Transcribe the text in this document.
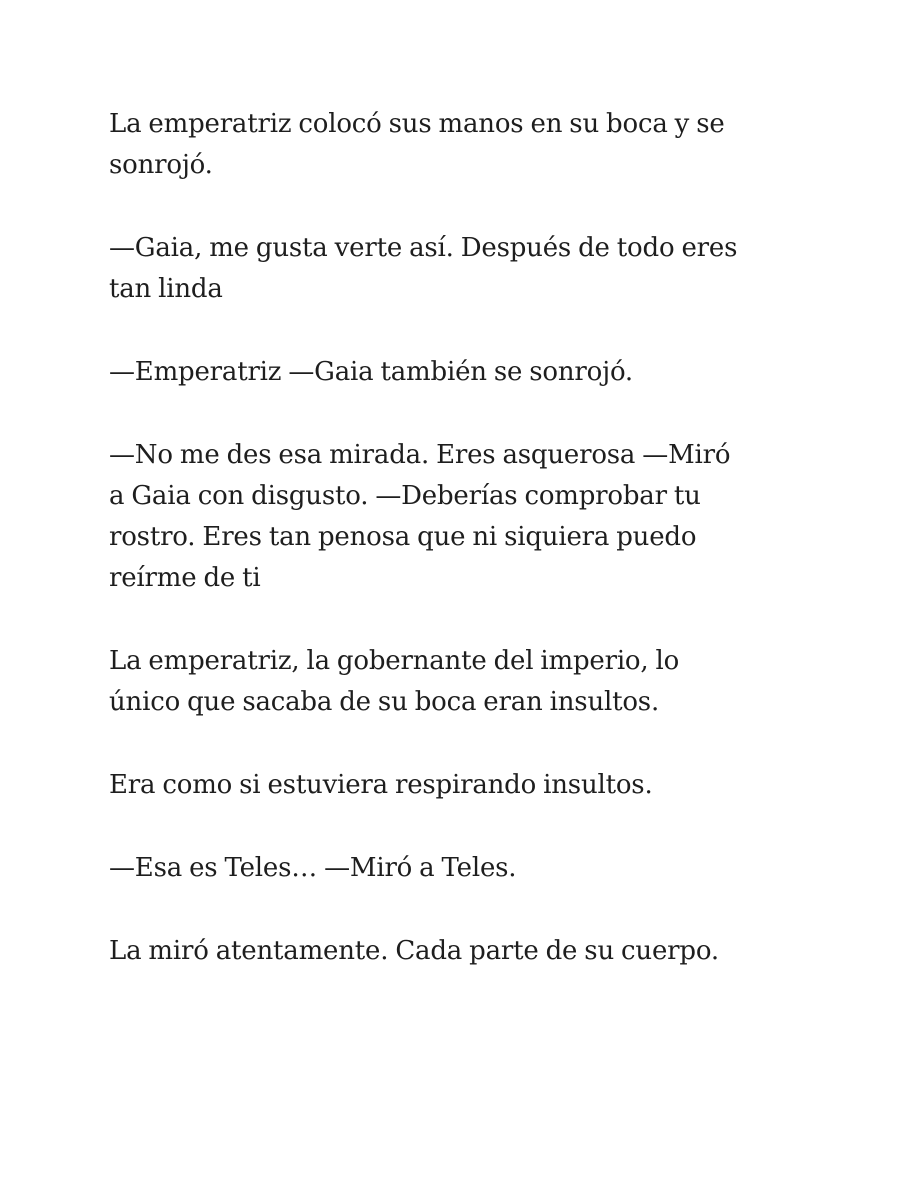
La emperatriz colocó sus manos en su boca y se
sonrojó.

—Gaia, me gusta verte así. Después de todo eres
tan linda

—Emperatriz —Gaia también se sonrojó.

—No me des esa mirada. Eres asquerosa —Miró
a Gaia con disgusto. —Deberías comprobar tu
rostro. Eres tan penosa que ni siquiera puedo
reírme de ti

La emperatriz, la gobernante del imperio, lo
único que sacaba de su boca eran insultos.

Era como si estuviera respirando insultos.

—Esa es Teles… —Miró a Teles.

La miró atentamente. Cada parte de su cuerpo.
